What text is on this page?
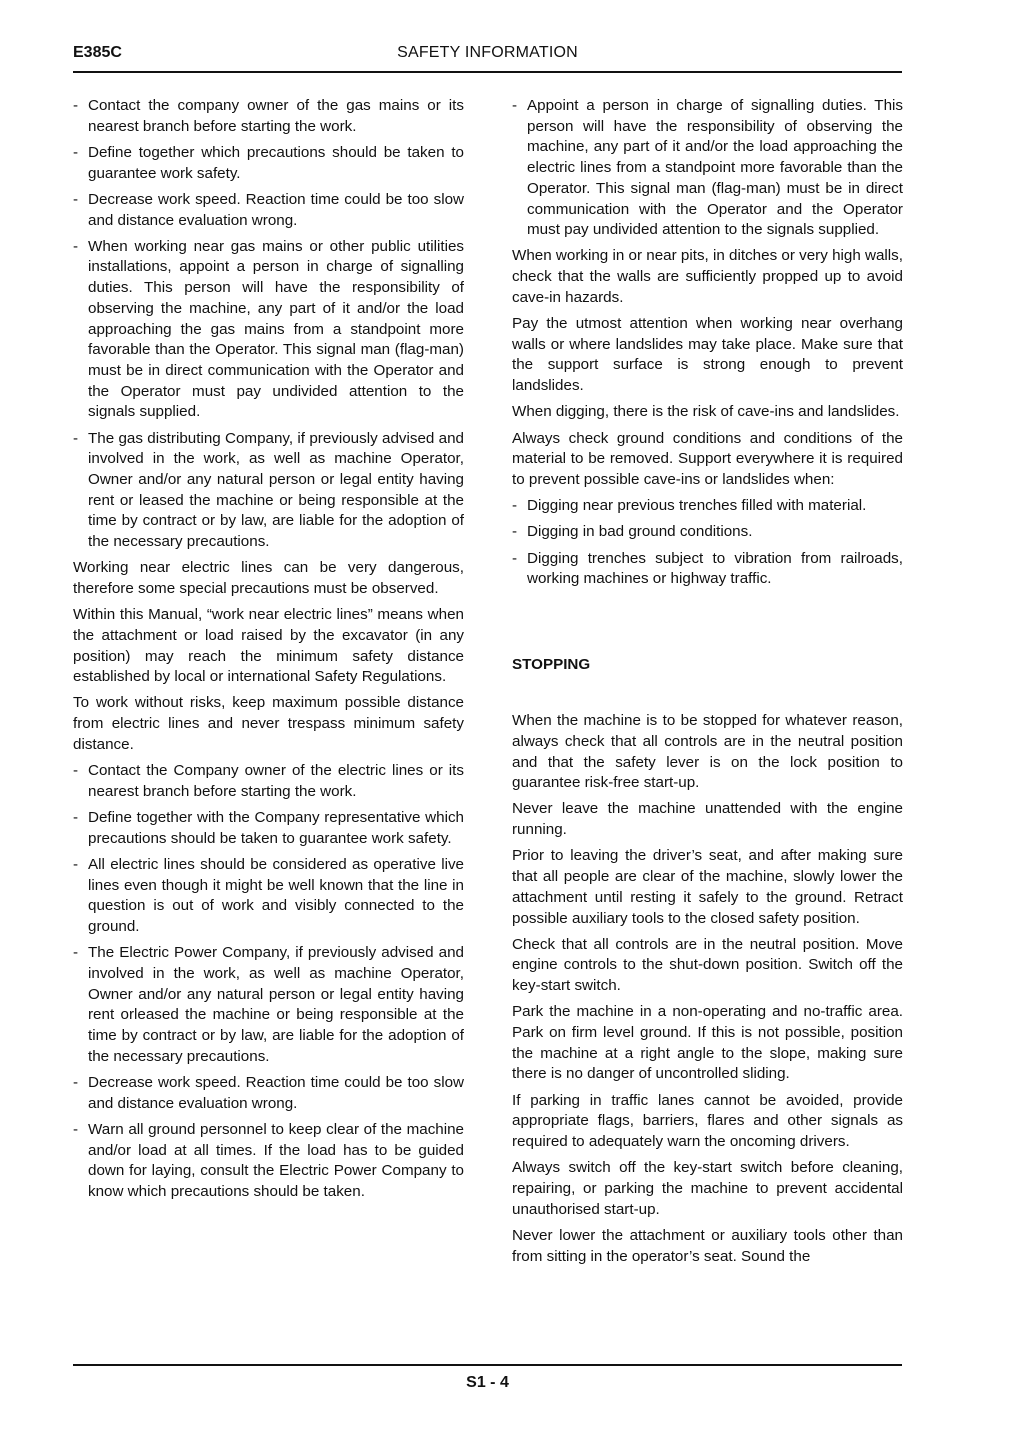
E385C	SAFETY INFORMATION
- Contact the company owner of the gas mains or its nearest branch before starting the work.
- Define together which precautions should be taken to guarantee work safety.
- Decrease work speed. Reaction time could be too slow and distance evaluation wrong.
- When working near gas mains or other public utilities installations, appoint a person in charge of signalling duties. This person will have the responsibility of observing the machine, any part of it and/or the load approaching the gas mains from a standpoint more favorable than the Operator. This signal man (flag-man) must be in direct communication with the Operator and the Operator must pay undivided attention to the signals supplied.
- The gas distributing Company, if previously advised and involved in the work, as well as machine Operator, Owner and/or any natural person or legal entity having rent or leased the machine or being responsible at the time by contract or by law, are liable for the adoption of the necessary precautions.

Working near electric lines can be very dangerous, therefore some special precautions must be observed.

Within this Manual, “work near electric lines” means when the attachment or load raised by the excavator (in any position) may reach the minimum safety distance established by local or international Safety Regulations.

To work without risks, keep maximum possible distance from electric lines and never trespass minimum safety distance.

- Contact the Company owner of the electric lines or its nearest branch before starting the work.
- Define together with the Company representative which precautions should be taken to guarantee work safety.
- All electric lines should be considered as operative live lines even though it might be well known that the line in question is out of work and visibly connected to the ground.
- The Electric Power Company, if previously advised and involved in the work, as well as machine Operator, Owner and/or any natural person or legal entity having rent orleased the machine or being responsible at the time by contract or by law, are liable for the adoption of the necessary precautions.
- Decrease work speed. Reaction time could be too slow and distance evaluation wrong.
- Warn all ground personnel to keep clear of the machine and/or load at all times. If the load has to be guided down for laying, consult the Electric Power Company to know which precautions should be taken.
- Appoint a person in charge of signalling duties. This person will have the responsibility of observing the machine, any part of it and/or the load approaching the electric lines from a standpoint more favorable than the Operator. This signal man (flag-man) must be in direct communication with the Operator and the Operator must pay undivided attention to the signals supplied.

When working in or near pits, in ditches or very high walls, check that the walls are sufficiently propped up to avoid cave-in hazards.

Pay the utmost attention when working near overhang walls or where landslides may take place. Make sure that the support surface is strong enough to prevent landslides.

When digging, there is the risk of cave-ins and landslides.

Always check ground conditions and conditions of the material to be removed. Support everywhere it is required to prevent possible cave-ins or landslides when:

- Digging near previous trenches filled with material.
- Digging in bad ground conditions.
- Digging trenches subject to vibration from railroads, working machines or highway traffic.

STOPPING

When the machine is to be stopped for whatever reason, always check that all controls are in the neutral position and that the safety lever is on the lock position to guarantee risk-free start-up.

Never leave the machine unattended with the engine running.

Prior to leaving the driver’s seat, and after making sure that all people are clear of the machine, slowly lower the attachment until resting it safely to the ground. Retract possible auxiliary tools to the closed safety position.

Check that all controls are in the neutral position. Move engine controls to the shut-down position. Switch off the key-start switch.

Park the machine in a non-operating and no-traffic area. Park on firm level ground. If this is not possible, position the machine at a right angle to the slope, making sure there is no danger of uncontrolled sliding.

If parking in traffic lanes cannot be avoided, provide appropriate flags, barriers, flares and other signals as required to adequately warn the oncoming drivers.

Always switch off the key-start switch before cleaning, repairing, or parking the machine to prevent accidental unauthorised start-up.

Never lower the attachment or auxiliary tools other than from sitting in the operator’s seat. Sound the

S1 - 4
